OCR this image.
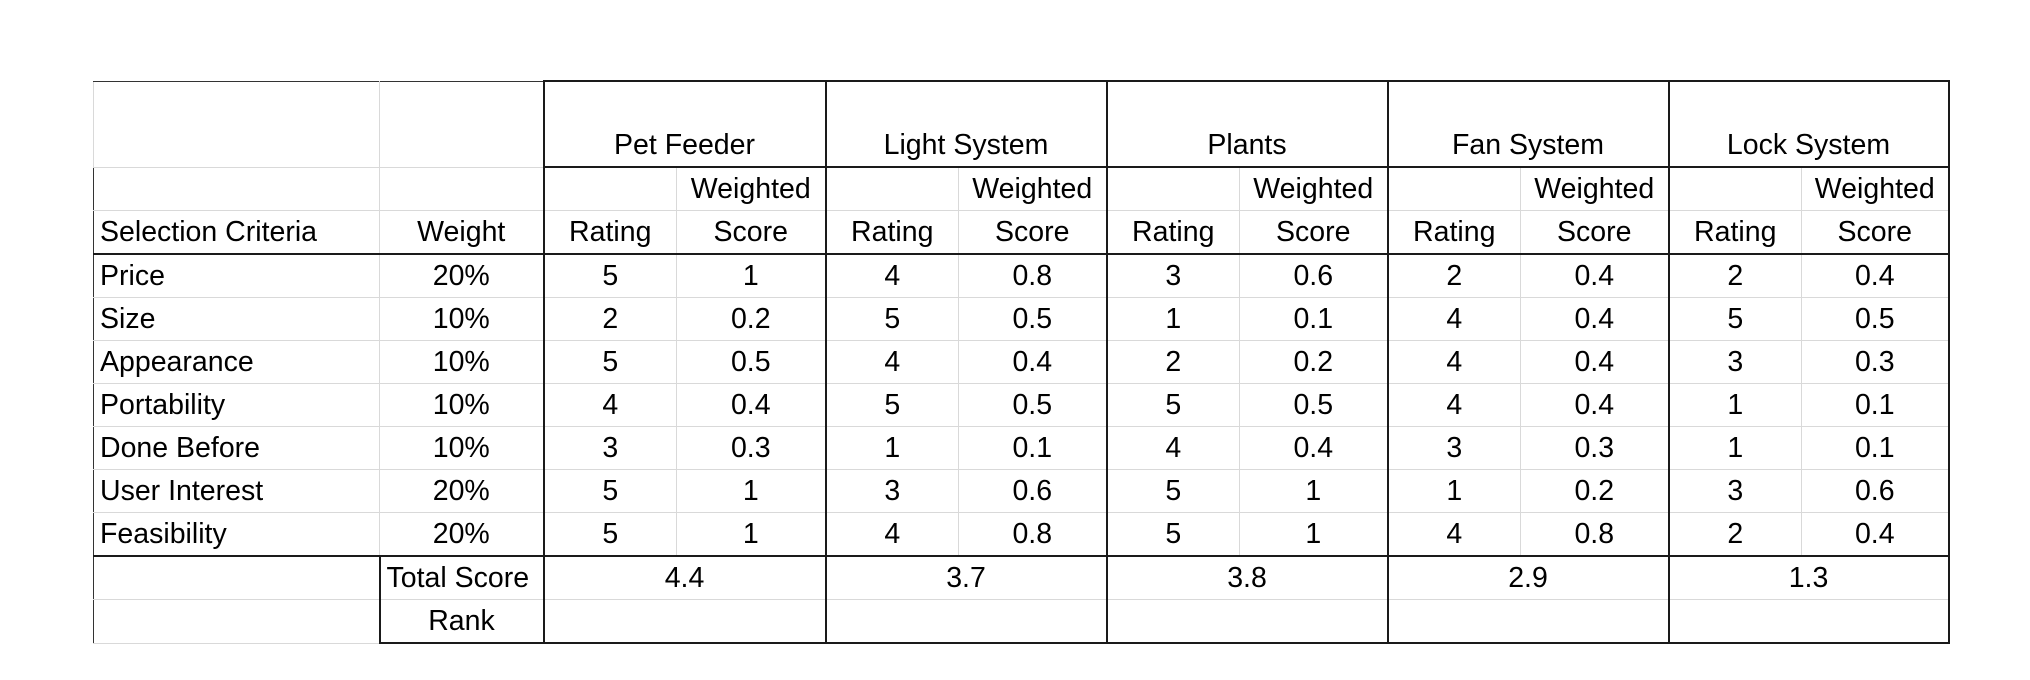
		Pet Feeder		Light System		Plants		Fan System		Lock System	
			Weighted		Weighted		Weighted		Weighted		Weighted
Selection Criteria	Weight	Rating	Score	Rating	Score	Rating	Score	Rating	Score	Rating	Score
Price	20%	5	1	4	0.8	3	0.6	2	0.4	2	0.4
Size	10%	2	0.2	5	0.5	1	0.1	4	0.4	5	0.5
Appearance	10%	5	0.5	4	0.4	2	0.2	4	0.4	3	0.3
Portability	10%	4	0.4	5	0.5	5	0.5	4	0.4	1	0.1
Done Before	10%	3	0.3	1	0.1	4	0.4	3	0.3	1	0.1
User Interest	20%	5	1	3	0.6	5	1	1	0.2	3	0.6
Feasibility	20%	5	1	4	0.8	5	1	4	0.8	2	0.4
	Total Score	4.4		3.7		3.8		2.9		1.3	
	Rank										
